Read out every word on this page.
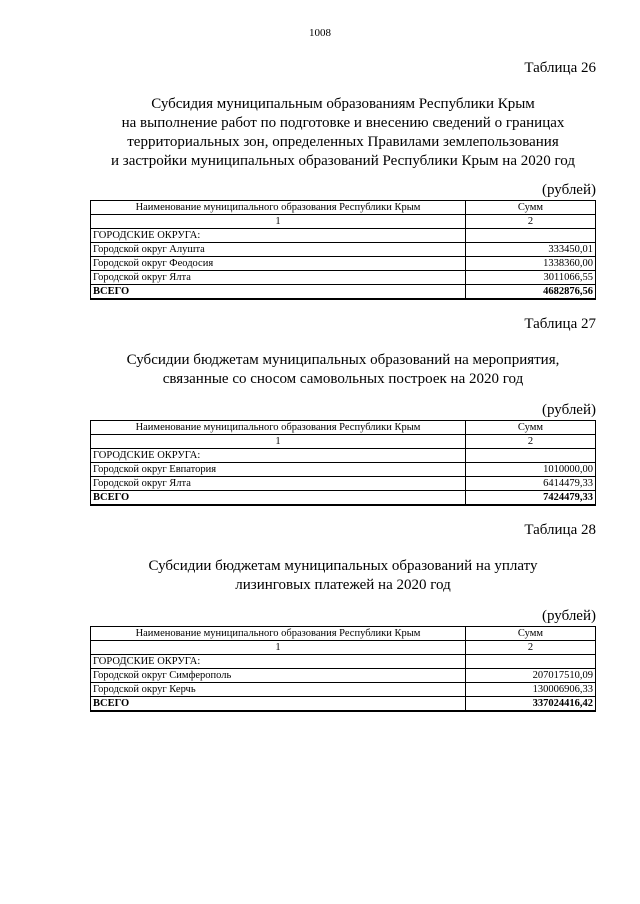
1008
Таблица 26
Субсидия муниципальным образованиям Республики Крым
на выполнение работ по подготовке и внесению сведений о границах
территориальных зон, определенных Правилами землепользования
и застройки муниципальных образований Республики Крым на 2020 год
(рублей)
Наименование муниципального образования Республики Крым	Сумм
1	2
ГОРОДСКИЕ ОКРУГА:	
Городской округ Алушта	333450,01
Городской округ Феодосия	1338360,00
Городской округ Ялта	3011066,55
ВСЕГО	4682876,56
Таблица 27
Субсидии бюджетам муниципальных образований на мероприятия,
связанные со сносом самовольных построек на 2020 год
(рублей)
Наименование муниципального образования Республики Крым	Сумм
1	2
ГОРОДСКИЕ ОКРУГА:	
Городской округ Евпатория	1010000,00
Городской округ Ялта	6414479,33
ВСЕГО	7424479,33
Таблица 28
Субсидии бюджетам муниципальных образований на уплату
лизинговых платежей на 2020 год
(рублей)
Наименование муниципального образования Республики Крым	Сумм
1	2
ГОРОДСКИЕ ОКРУГА:	
Городской округ Симферополь	207017510,09
Городской округ Керчь	130006906,33
ВСЕГО	337024416,42
